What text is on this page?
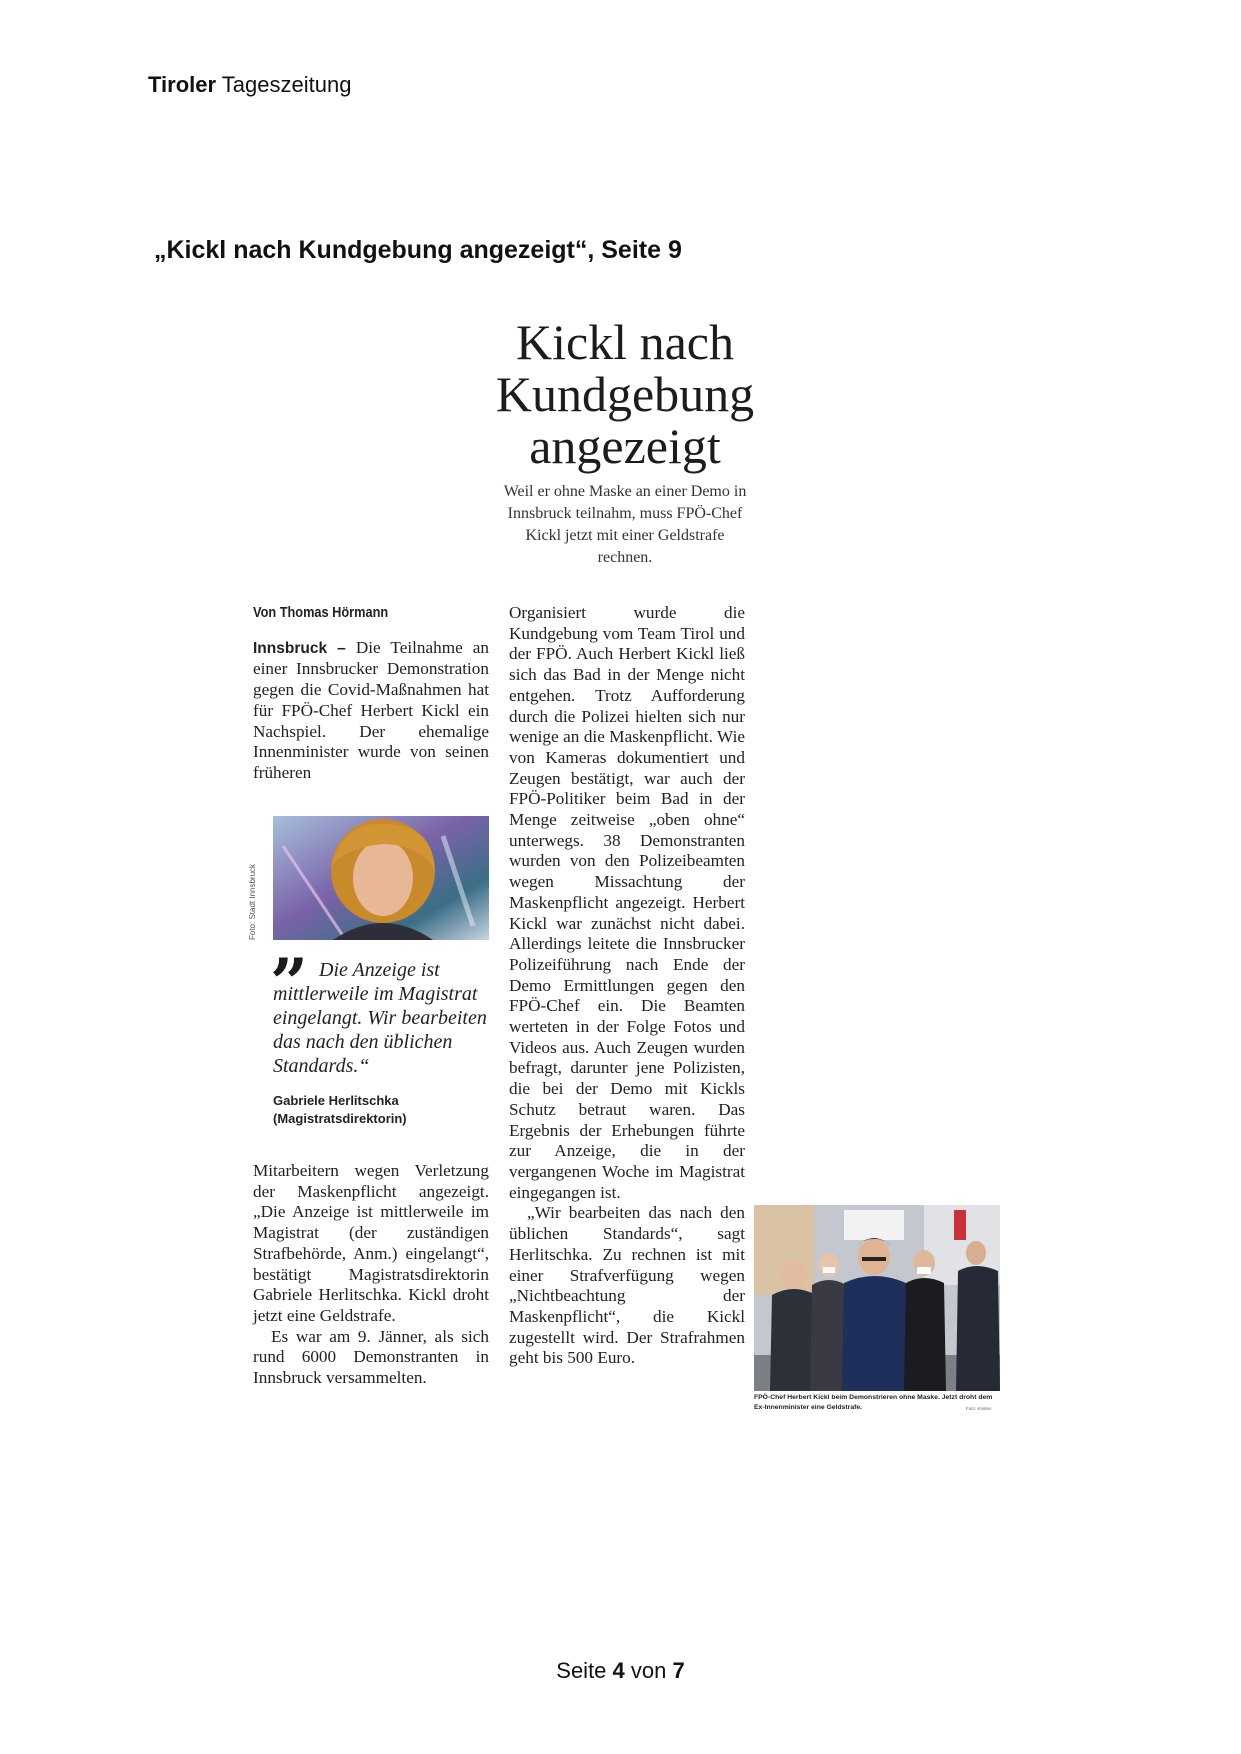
Tiroler Tageszeitung
„Kickl nach Kundgebung angezeigt“, Seite 9
Kickl nach Kundgebung angezeigt
Weil er ohne Maske an einer Demo in Innsbruck teilnahm, muss FPÖ-Chef Kickl jetzt mit einer Geldstrafe rechnen.

Von Thomas Hörmann

Innsbruck – Die Teilnahme an einer Innsbrucker Demonstration gegen die Covid-Maßnahmen hat für FPÖ-Chef Herbert Kickl ein Nachspiel. Der ehemalige Innenminister wurde von seinen früheren

Foto: Stadt Innsbruck
” Die Anzeige ist mittlerweile im Magistrat eingelangt. Wir bearbeiten das nach den üblichen Standards.“
Gabriele Herlitschka
(Magistratsdirektorin)

Mitarbeitern wegen Verletzung der Maskenpflicht angezeigt. „Die Anzeige ist mittlerweile im Magistrat (der zuständigen Strafbehörde, Anm.) eingelangt“, bestätigt Magistratsdirektorin Gabriele Herlitschka. Kickl droht jetzt eine Geldstrafe.

Es war am 9. Jänner, als sich rund 6000 Demonstranten in Innsbruck versammelten.

Organisiert wurde die Kundgebung vom Team Tirol und der FPÖ. Auch Herbert Kickl ließ sich das Bad in der Menge nicht entgehen. Trotz Aufforderung durch die Polizei hielten sich nur wenige an die Maskenpflicht. Wie von Kameras dokumentiert und Zeugen bestätigt, war auch der FPÖ-Politiker beim Bad in der Menge zeitweise „oben ohne“ unterwegs. 38 Demonstranten wurden von den Polizeibeamten wegen Missachtung der Maskenpflicht angezeigt. Herbert Kickl war zunächst nicht dabei. Allerdings leitete die Innsbrucker Polizeiführung nach Ende der Demo Ermittlungen gegen den FPÖ-Chef ein. Die Beamten werteten in der Folge Fotos und Videos aus. Auch Zeugen wurden befragt, darunter jene Polizisten, die bei der Demo mit Kickls Schutz betraut waren. Das Ergebnis der Erhebungen führte zur Anzeige, die in der vergangenen Woche im Magistrat eingegangen ist.

„Wir bearbeiten das nach den üblichen Standards“, sagt Herlitschka. Zu rechnen ist mit einer Strafverfügung wegen „Nichtbeachtung der Maskenpflicht“, die Kickl zugestellt wird. Der Strafrahmen geht bis 500 Euro.

FPÖ-Chef Herbert Kickl beim Demonstrieren ohne Maske. Jetzt droht dem Ex-Innenminister eine Geldstrafe.	Foto: Kristen
Seite 4 von 7
